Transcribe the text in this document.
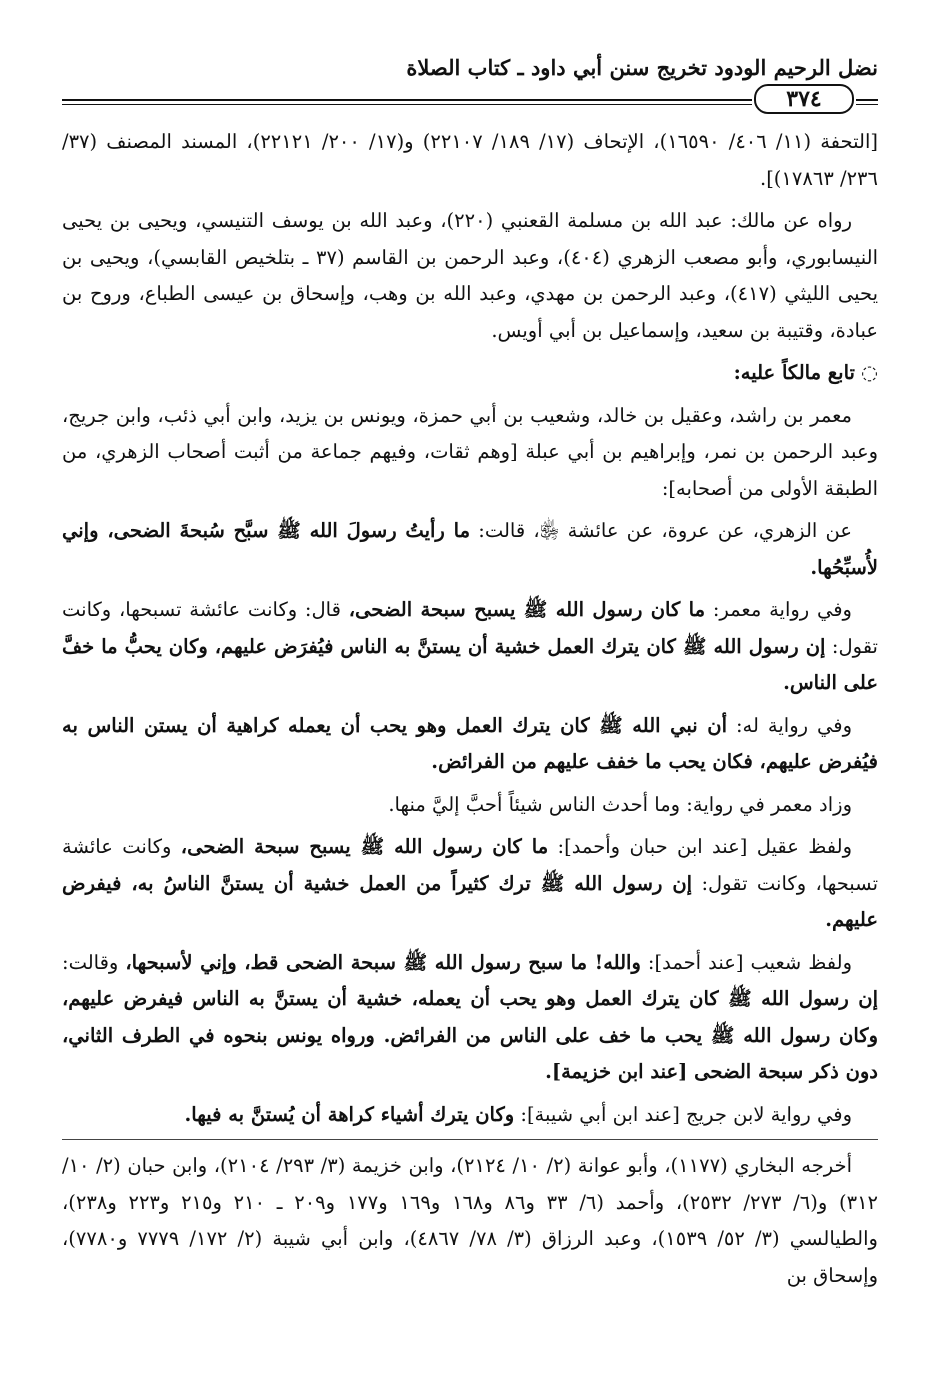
نضل الرحيم الودود تخريج سنن أبي داود ـ كتاب الصلاة
٣٧٤

[التحفة (١١/ ٤٠٦/ ١٦٥٩٠)، الإتحاف (١٧/ ١٨٩/ ٢٢١٠٧) و(١٧/ ٢٠٠/ ٢٢١٢١)، المسند المصنف (٣٧/ ٢٣٦/ ١٧٨٦٣)].

رواه عن مالك: عبد الله بن مسلمة القعنبي (٢٢٠)، وعبد الله بن يوسف التنيسي، ويحيى بن يحيى النيسابوري، وأبو مصعب الزهري (٤٠٤)، وعبد الرحمن بن القاسم (٣٧ ـ بتلخيص القابسي)، ويحيى بن يحيى الليثي (٤١٧)، وعبد الرحمن بن مهدي، وعبد الله بن وهب، وإسحاق بن عيسى الطباع، وروح بن عبادة، وقتيبة بن سعيد، وإسماعيل بن أبي أويس.

◌تابع مالكاً عليه:

معمر بن راشد، وعقيل بن خالد، وشعيب بن أبي حمزة، ويونس بن يزيد، وابن أبي ذئب، وابن جريج، وعبد الرحمن بن نمر، وإبراهيم بن أبي عبلة [وهم ثقات، وفيهم جماعة من أثبت أصحاب الزهري، من الطبقة الأولى من أصحابه]:

عن الزهري، عن عروة، عن عائشة ﵂، قالت: ما رأيتُ رسولَ الله ﷺ سبَّح سُبحةَ الضحى، وإني لأُسبِّحُها.

وفي رواية معمر: ما كان رسول الله ﷺ يسبح سبحة الضحى، قال: وكانت عائشة تسبحها، وكانت تقول: إن رسول الله ﷺ كان يترك العمل خشية أن يستنَّ به الناس فيُفرَض عليهم، وكان يحبُّ ما خفَّ على الناس.

وفي رواية له: أن نبي الله ﷺ كان يترك العمل وهو يحب أن يعمله كراهية أن يستن الناس به فيُفرض عليهم، فكان يحب ما خفف عليهم من الفرائض.

وزاد معمر في رواية: وما أحدث الناس شيئاً أحبَّ إليَّ منها.

ولفظ عقيل [عند ابن حبان وأحمد]: ما كان رسول الله ﷺ يسبح سبحة الضحى، وكانت عائشة تسبحها، وكانت تقول: إن رسول الله ﷺ ترك كثيراً من العمل خشية أن يستنَّ الناسُ به، فيفرض عليهم.

ولفظ شعيب [عند أحمد]: والله! ما سبح رسول الله ﷺ سبحة الضحى قط، وإني لأسبحها، وقالت: إن رسول الله ﷺ كان يترك العمل وهو يحب أن يعمله، خشية أن يستنَّ به الناس فيفرض عليهم، وكان رسول الله ﷺ يحب ما خف على الناس من الفرائض. ورواه يونس بنحوه في الطرف الثاني، دون ذكر سبحة الضحى [عند ابن خزيمة].

وفي رواية لابن جريج [عند ابن أبي شيبة]: وكان يترك أشياء كراهة أن يُستنَّ به فيها.

أخرجه البخاري (١١٧٧)، وأبو عوانة (٢/ ١٠/ ٢١٢٤)، وابن خزيمة (٣/ ٢٩٣/ ٢١٠٤)، وابن حبان (٢/ ١٠/ ٣١٢) و(٦/ ٢٧٣/ ٢٥٣٢)، وأحمد (٦/ ٣٣ و٨٦ و١٦٨ و١٦٩ و١٧٧ و٢٠٩ ـ ٢١٠ و٢١٥ و٢٢٣ و٢٣٨)، والطيالسي (٣/ ٥٢/ ١٥٣٩)، وعبد الرزاق (٣/ ٧٨/ ٤٨٦٧)، وابن أبي شيبة (٢/ ١٧٢/ ٧٧٧٩ و٧٧٨٠)، وإسحاق بن
